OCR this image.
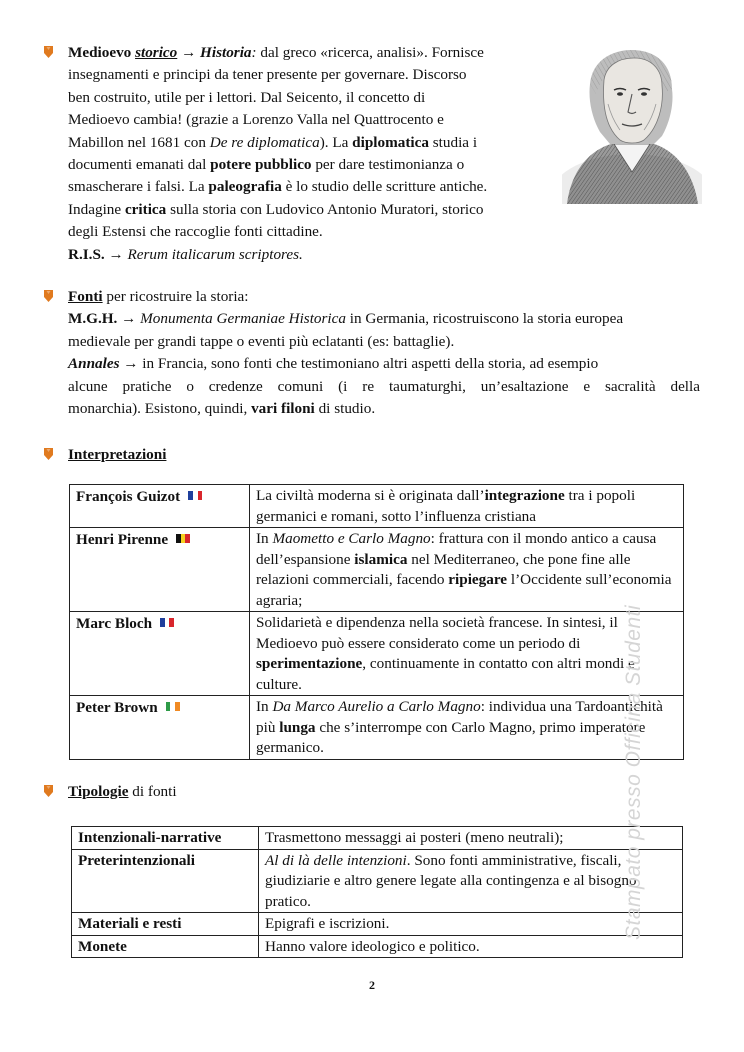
Medioevo storico → Historia: dal greco «ricerca, analisi». Fornisce
insegnamenti e principi da tener presente per governare. Discorso
ben costruito, utile per i lettori. Dal Seicento, il concetto di
Medioevo cambia! (grazie a Lorenzo Valla nel Quattrocento e
Mabillon nel 1681 con De re diplomatica). La diplomatica studia i
documenti emanati dal potere pubblico per dare testimonianza o
smascherare i falsi. La paleografia è lo studio delle scritture antiche.
Indagine critica sulla storia con Ludovico Antonio Muratori, storico
degli Estensi che raccoglie fonti cittadine.
R.I.S. → Rerum italicarum scriptores.
Fonti per ricostruire la storia:
M.G.H. → Monumenta Germaniae Historica in Germania, ricostruiscono la storia europea
medievale per grandi tappe o eventi più eclatanti (es: battaglie).
Annales → in Francia, sono fonti che testimoniano altri aspetti della storia, ad esempio
alcune pratiche o credenze comuni (i re taumaturghi, un’esaltazione e sacralità della
monarchia). Esistono, quindi, vari filoni di studio.
Interpretazioni
François Guizot	La civiltà moderna si è originata dall’integrazione tra i popoli germanici e romani, sotto l’influenza cristiana
Henri Pirenne	In Maometto e Carlo Magno: frattura con il mondo antico a causa dell’espansione islamica nel Mediterraneo, che pone fine alle relazioni commerciali, facendo ripiegare l’Occidente sull’economia agraria;
Marc Bloch	Solidarietà e dipendenza nella società francese. In sintesi, il Medioevo può essere considerato come un periodo di sperimentazione, continuamente in contatto con altri mondi e culture.
Peter Brown	In Da Marco Aurelio a Carlo Magno: individua una Tardoantichità più lunga che s’interrompe con Carlo Magno, primo imperatore germanico.
Tipologie di fonti
Intenzionali-narrative	Trasmettono messaggi ai posteri (meno neutrali);
Preterintenzionali	Al di là delle intenzioni. Sono fonti amministrative, fiscali, giudiziarie e altro genere legate alla contingenza e al bisogno pratico.
Materiali e resti	Epigrafi e iscrizioni.
Monete	Hanno valore ideologico e politico.
Stampato presso Officina Studenti
2
